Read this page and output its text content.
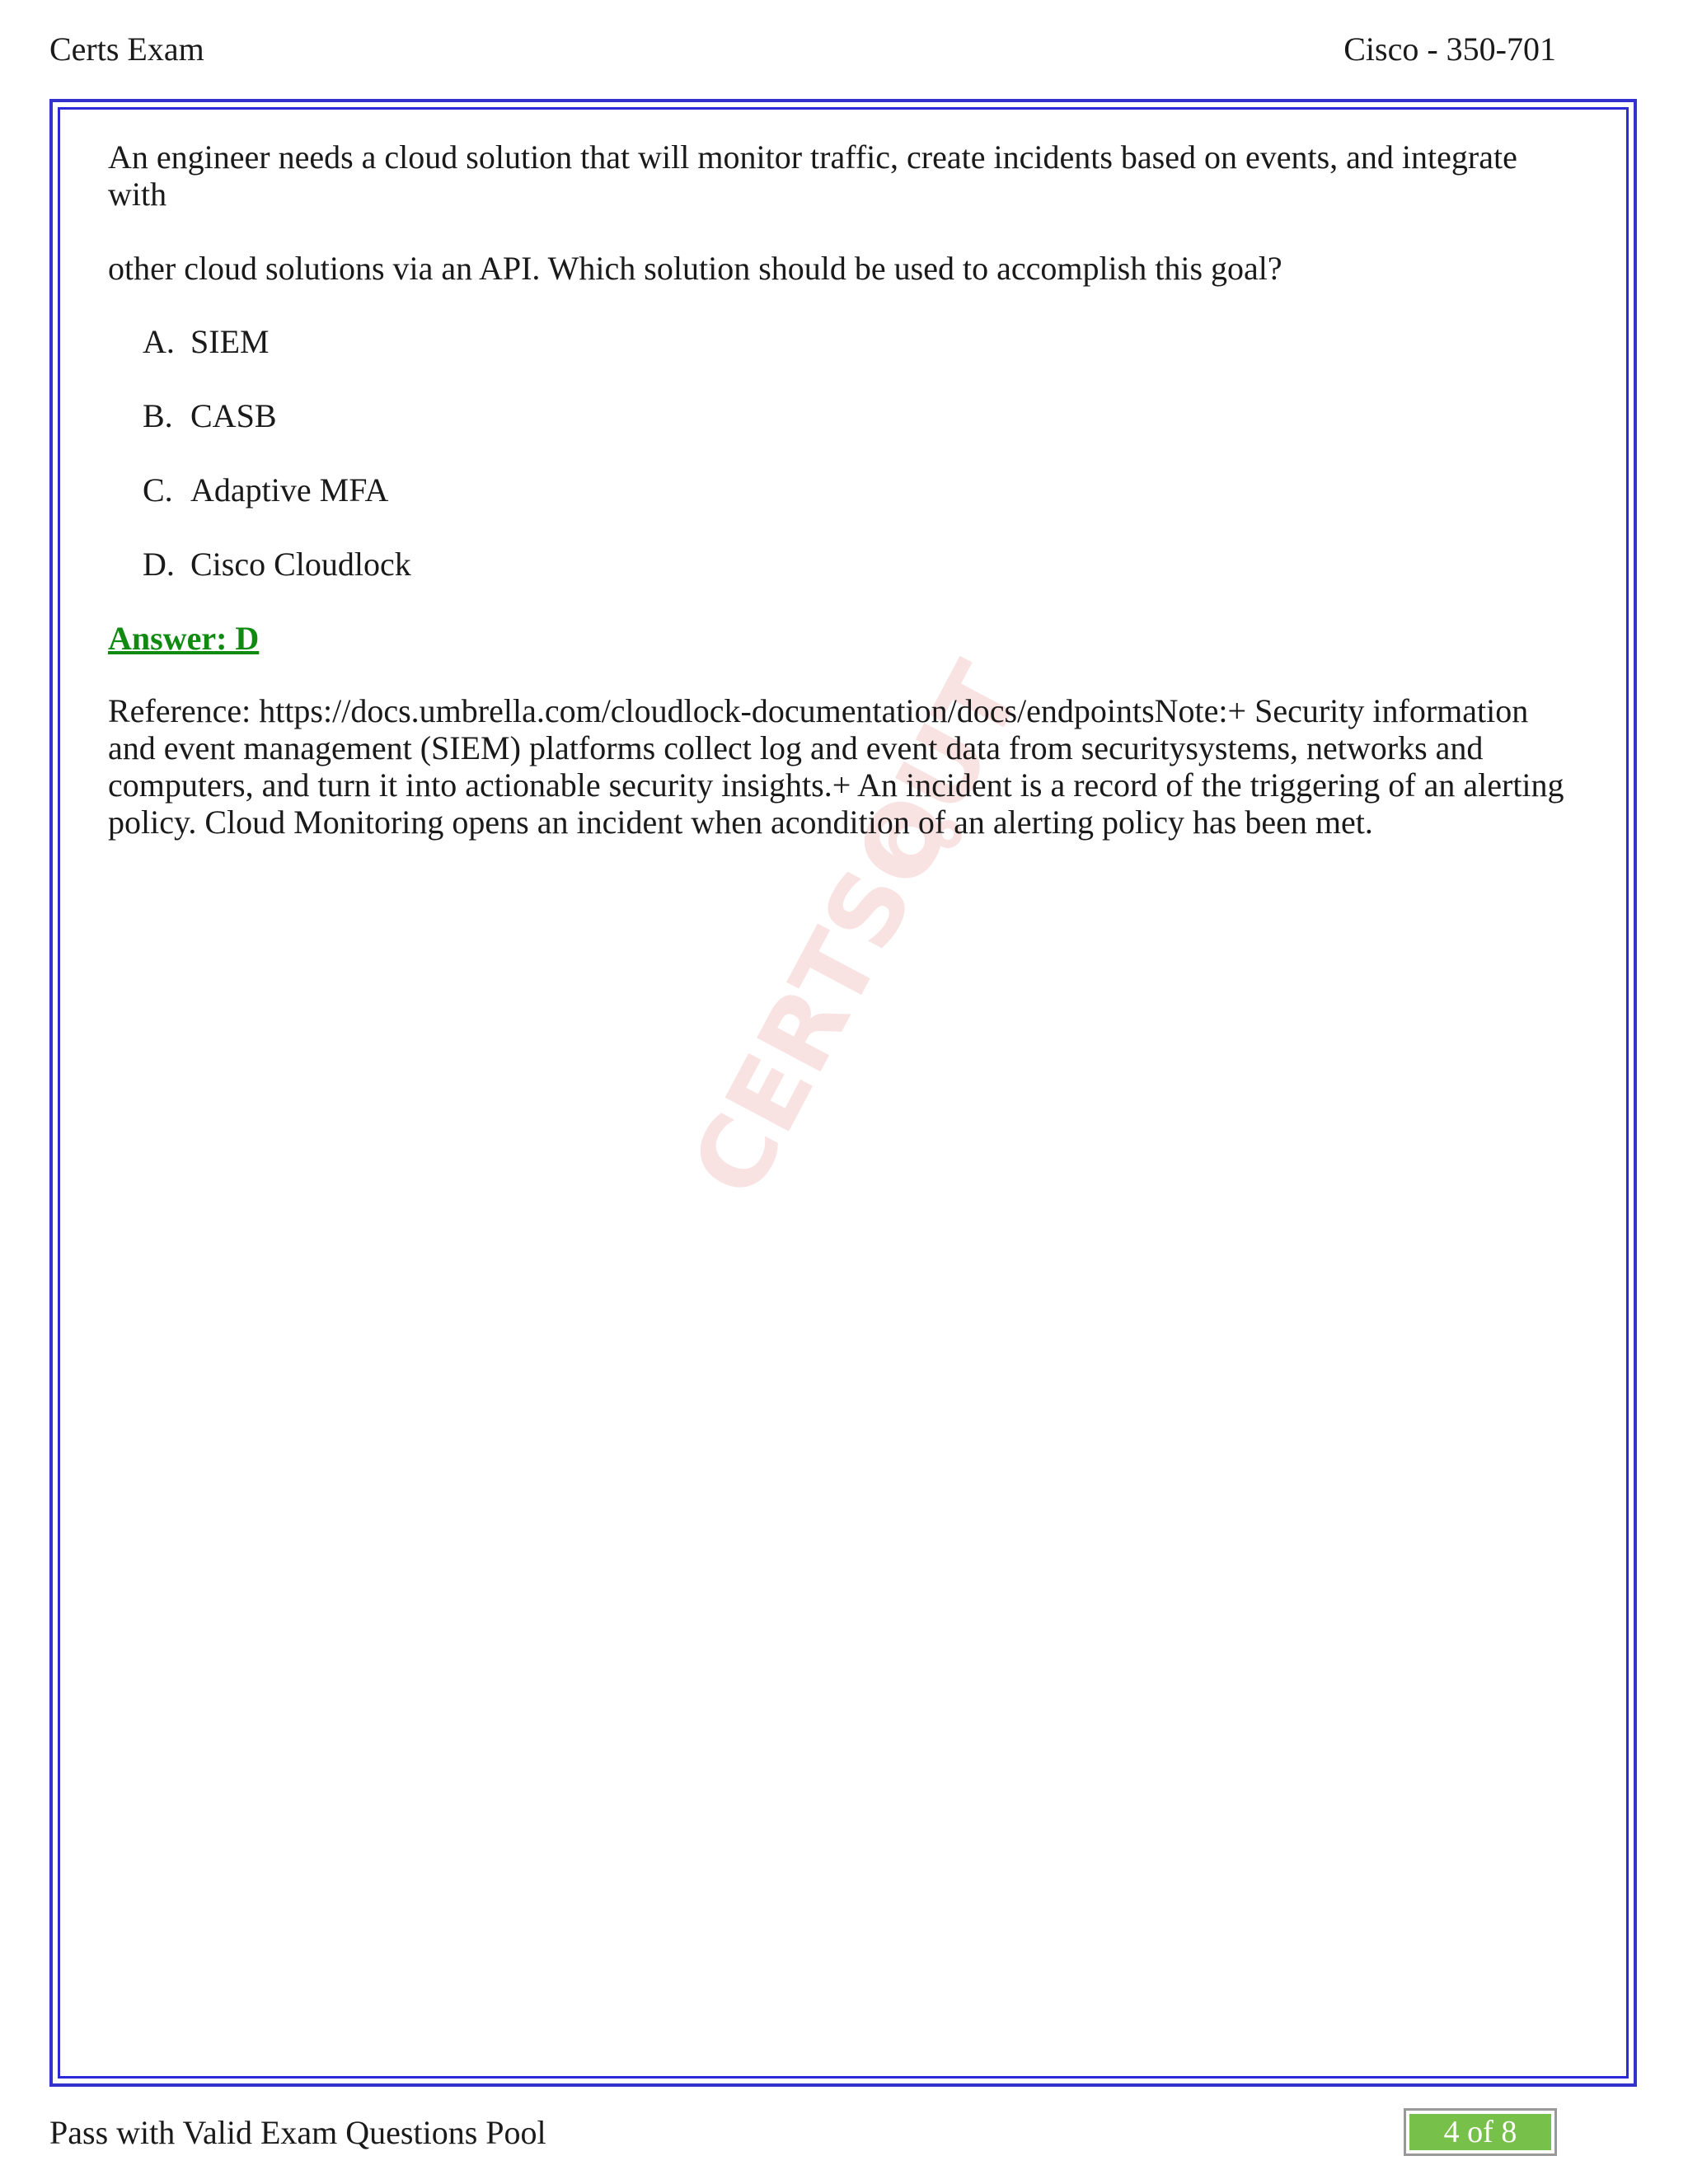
Certs Exam	Cisco - 350-701
CERTSOUT

An engineer needs a cloud solution that will monitor traffic, create incidents based on events, and integrate with

other cloud solutions via an API. Which solution should be used to accomplish this goal?

A. SIEM
B. CASB
C. Adaptive MFA
D. Cisco Cloudlock
Answer: D

Reference: https://docs.umbrella.com/cloudlock-documentation/docs/endpointsNote:+ Security information and event management (SIEM) platforms collect log and event data from securitysystems, networks and computers, and turn it into actionable security insights.+ An incident is a record of the triggering of an alerting policy. Cloud Monitoring opens an incident when acondition of an alerting policy has been met.

Pass with Valid Exam Questions Pool	4 of 8
